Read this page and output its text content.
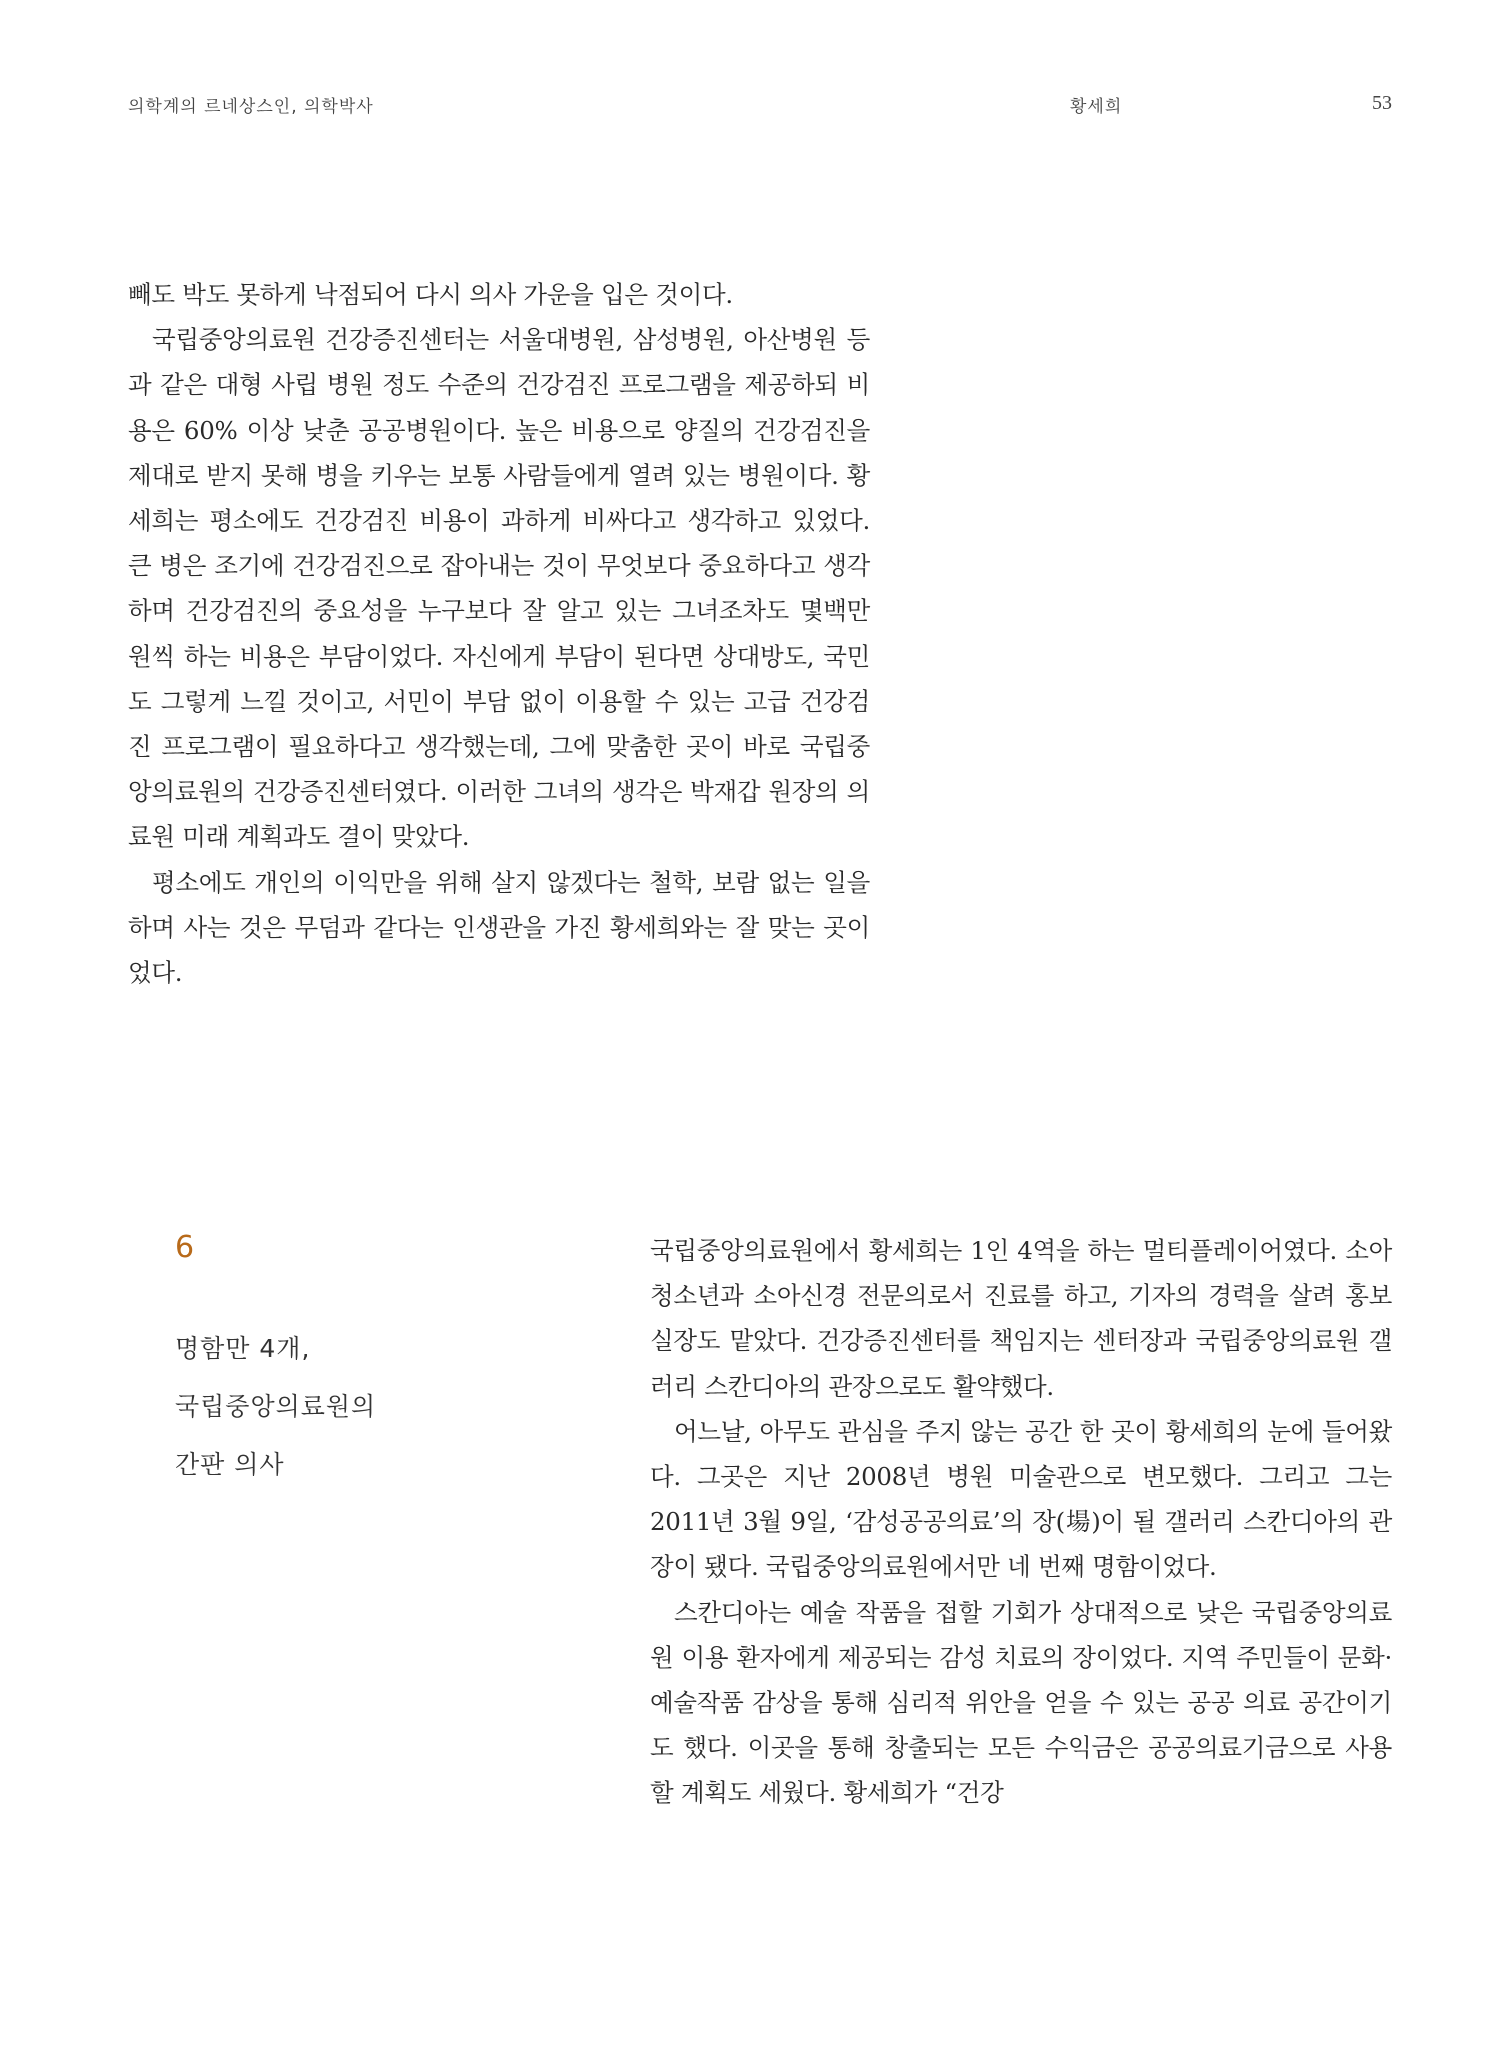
의학계의 르네상스인, 의학박사	황세희	53

빼도 박도 못하게 낙점되어 다시 의사 가운을 입은 것이다.

국립중앙의료원 건강증진센터는 서울대병원, 삼성병원, 아산병원 등과 같은 대형 사립 병원 정도 수준의 건강검진 프로그램을 제공하되 비용은 60% 이상 낮춘 공공병원이다. 높은 비용으로 양질의 건강검진을 제대로 받지 못해 병을 키우는 보통 사람들에게 열려 있는 병원이다. 황세희는 평소에도 건강검진 비용이 과하게 비싸다고 생각하고 있었다. 큰 병은 조기에 건강검진으로 잡아내는 것이 무엇보다 중요하다고 생각하며 건강검진의 중요성을 누구보다 잘 알고 있는 그녀조차도 몇백만 원씩 하는 비용은 부담이었다. 자신에게 부담이 된다면 상대방도, 국민도 그렇게 느낄 것이고, 서민이 부담 없이 이용할 수 있는 고급 건강검진 프로그램이 필요하다고 생각했는데, 그에 맞춤한 곳이 바로 국립중앙의료원의 건강증진센터였다. 이러한 그녀의 생각은 박재갑 원장의 의료원 미래 계획과도 결이 맞았다.

평소에도 개인의 이익만을 위해 살지 않겠다는 철학, 보람 없는 일을 하며 사는 것은 무덤과 같다는 인생관을 가진 황세희와는 잘 맞는 곳이었다.

6
명함만 4개,
국립중앙의료원의
간판 의사

국립중앙의료원에서 황세희는 1인 4역을 하는 멀티플레이어였다. 소아청소년과 소아신경 전문의로서 진료를 하고, 기자의 경력을 살려 홍보실장도 맡았다. 건강증진센터를 책임지는 센터장과 국립중앙의료원 갤러리 스칸디아의 관장으로도 활약했다.

어느날, 아무도 관심을 주지 않는 공간 한 곳이 황세희의 눈에 들어왔다. 그곳은 지난 2008년 병원 미술관으로 변모했다. 그리고 그는 2011년 3월 9일, ‘감성공공의료’의 장(場)이 될 갤러리 스칸디아의 관장이 됐다. 국립중앙의료원에서만 네 번째 명함이었다.

스칸디아는 예술 작품을 접할 기회가 상대적으로 낮은 국립중앙의료원 이용 환자에게 제공되는 감성 치료의 장이었다. 지역 주민들이 문화·예술작품 감상을 통해 심리적 위안을 얻을 수 있는 공공 의료 공간이기도 했다. 이곳을 통해 창출되는 모든 수익금은 공공의료기금으로 사용할 계획도 세웠다. 황세희가 “건강
